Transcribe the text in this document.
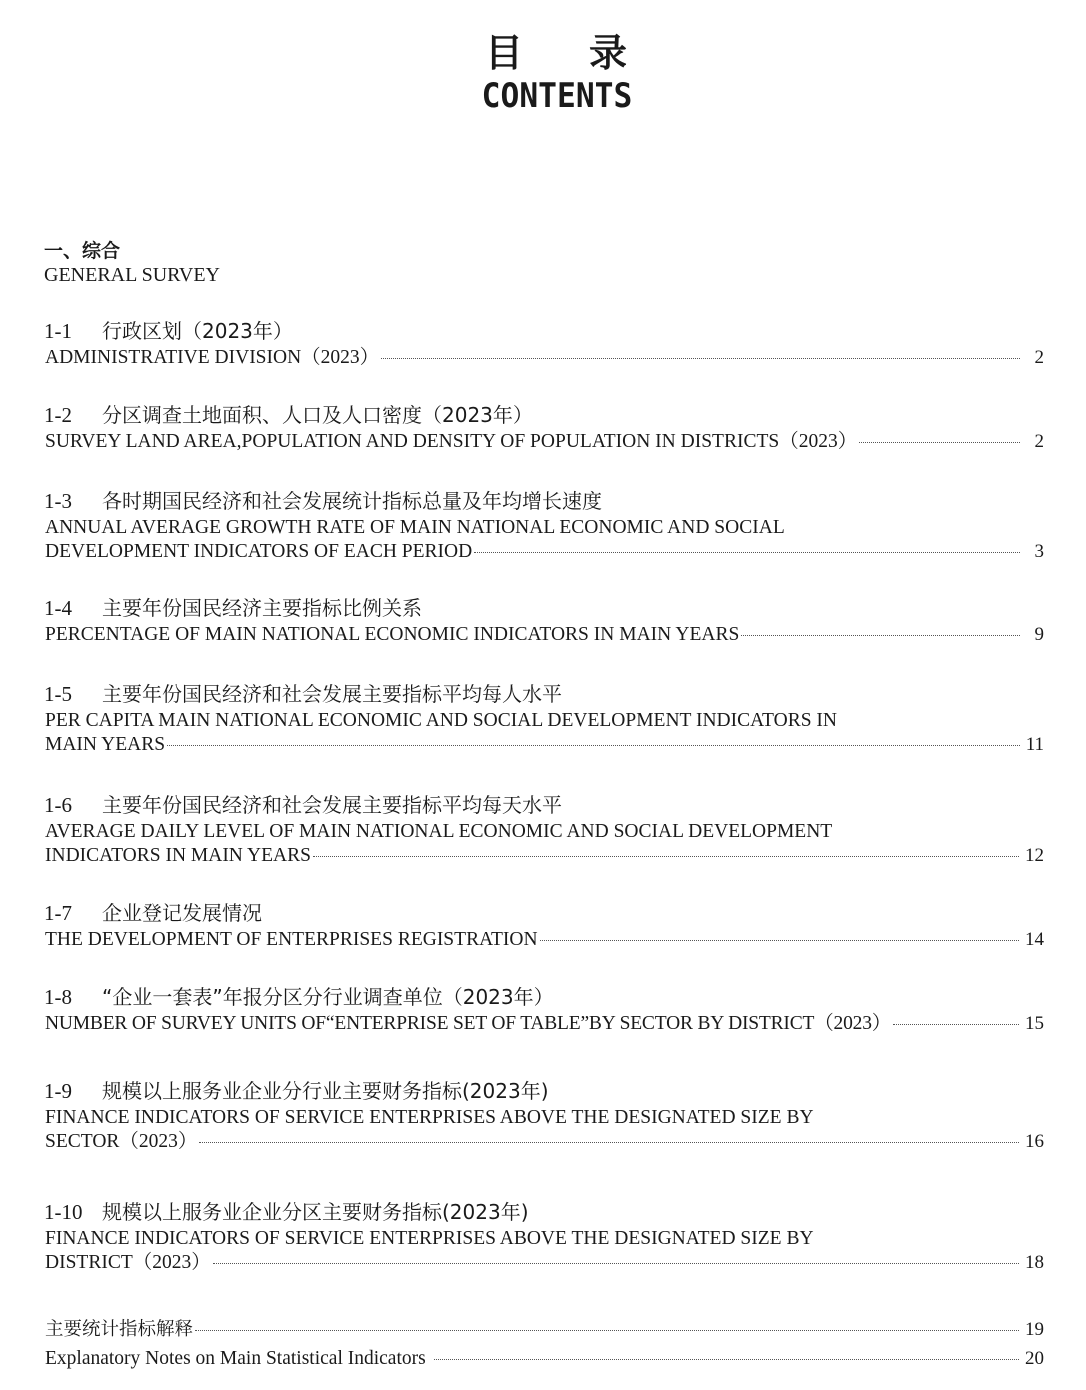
目 录
CONTENTS
一、综合
GENERAL SURVEY
1-1 行政区划（2023年）
ADMINISTRATIVE DIVISION（2023）	2
1-2 分区调查土地面积、人口及人口密度（2023年）
SURVEY LAND AREA,POPULATION AND DENSITY OF POPULATION IN DISTRICTS（2023）	2
1-3 各时期国民经济和社会发展统计指标总量及年均增长速度
ANNUAL AVERAGE GROWTH RATE OF MAIN NATIONAL ECONOMIC AND SOCIAL
DEVELOPMENT INDICATORS OF EACH PERIOD	3
1-4 主要年份国民经济主要指标比例关系
PERCENTAGE OF MAIN NATIONAL ECONOMIC INDICATORS IN MAIN YEARS	9
1-5 主要年份国民经济和社会发展主要指标平均每人水平
PER CAPITA MAIN NATIONAL ECONOMIC AND SOCIAL DEVELOPMENT INDICATORS IN
MAIN YEARS	11
1-6 主要年份国民经济和社会发展主要指标平均每天水平
AVERAGE DAILY LEVEL OF MAIN NATIONAL ECONOMIC AND SOCIAL DEVELOPMENT
INDICATORS IN MAIN YEARS	12
1-7 企业登记发展情况
THE DEVELOPMENT OF ENTERPRISES REGISTRATION	14
1-8 “企业一套表”年报分区分行业调查单位（2023年）
NUMBER OF SURVEY UNITS OF“ENTERPRISE SET OF TABLE”BY SECTOR BY DISTRICT（2023）	15
1-9 规模以上服务业企业分行业主要财务指标(2023年)
FINANCE INDICATORS OF SERVICE ENTERPRISES ABOVE THE DESIGNATED SIZE BY
SECTOR（2023）	16
1-10 规模以上服务业企业分区主要财务指标(2023年)
FINANCE INDICATORS OF SERVICE ENTERPRISES ABOVE THE DESIGNATED SIZE BY
DISTRICT（2023）	18
主要统计指标解释	19
Explanatory Notes on Main Statistical Indicators	20
